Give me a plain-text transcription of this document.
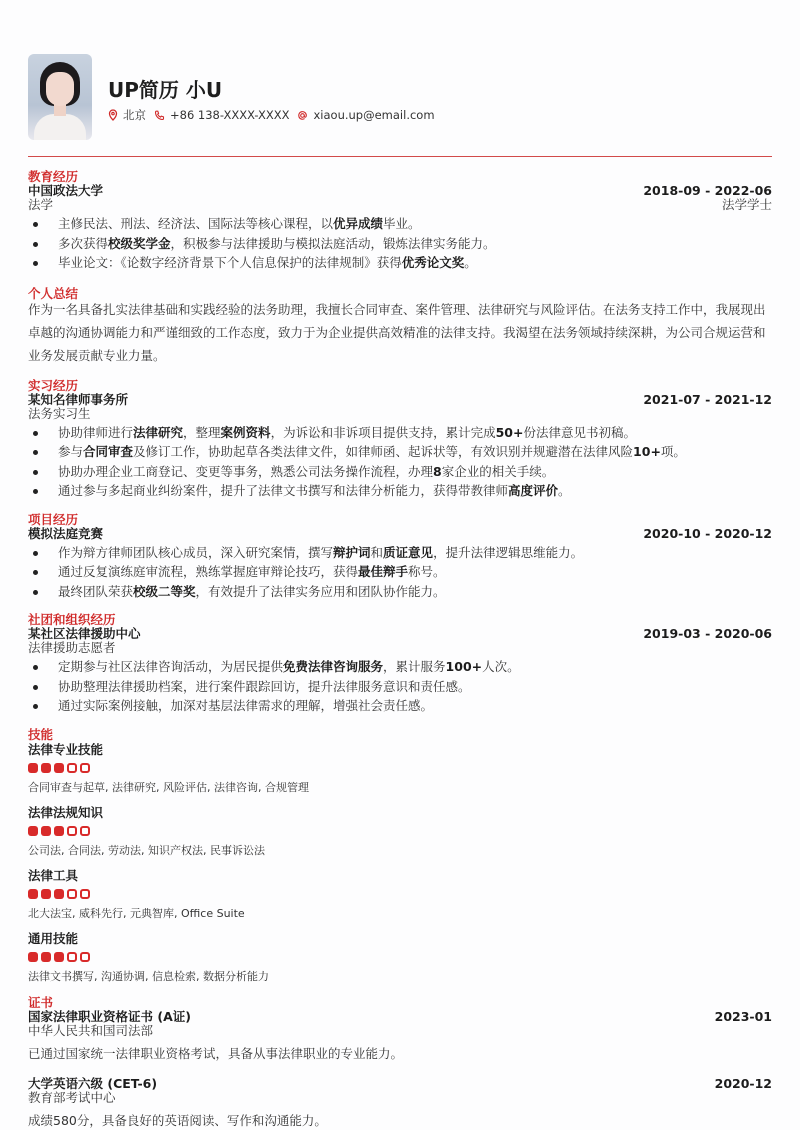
UP简历 小U
北京 +86 138-XXXX-XXXX xiaou.up@email.com
教育经历
中国政法大学	2018-09 - 2022-06
法学	法学学士
主修民法、刑法、经济法、国际法等核心课程，以优异成绩毕业。
多次获得校级奖学金，积极参与法律援助与模拟法庭活动，锻炼法律实务能力。
毕业论文：《论数字经济背景下个人信息保护的法律规制》获得优秀论文奖。
个人总结
作为一名具备扎实法律基础和实践经验的法务助理，我擅长合同审查、案件管理、法律研究与风险评估。在法务支持工作中，我展现出卓越的沟通协调能力和严谨细致的工作态度，致力于为企业提供高效精准的法律支持。我渴望在法务领域持续深耕，为公司合规运营和业务发展贡献专业力量。
实习经历
某知名律师事务所	2021-07 - 2021-12
法务实习生
协助律师进行法律研究，整理案例资料，为诉讼和非诉项目提供支持，累计完成50+份法律意见书初稿。
参与合同审查及修订工作，协助起草各类法律文件，如律师函、起诉状等，有效识别并规避潜在法律风险10+项。
协助办理企业工商登记、变更等事务，熟悉公司法务操作流程，办理8家企业的相关手续。
通过参与多起商业纠纷案件，提升了法律文书撰写和法律分析能力，获得带教律师高度评价。
项目经历
模拟法庭竞赛	2020-10 - 2020-12
作为辩方律师团队核心成员，深入研究案情，撰写辩护词和质证意见，提升法律逻辑思维能力。
通过反复演练庭审流程，熟练掌握庭审辩论技巧，获得最佳辩手称号。
最终团队荣获校级二等奖，有效提升了法律实务应用和团队协作能力。
社团和组织经历
某社区法律援助中心	2019-03 - 2020-06
法律援助志愿者
定期参与社区法律咨询活动，为居民提供免费法律咨询服务，累计服务100+人次。
协助整理法律援助档案，进行案件跟踪回访，提升法律服务意识和责任感。
通过实际案例接触，加深对基层法律需求的理解，增强社会责任感。
技能
法律专业技能
合同审查与起草, 法律研究, 风险评估, 法律咨询, 合规管理
法律法规知识
公司法, 合同法, 劳动法, 知识产权法, 民事诉讼法
法律工具
北大法宝, 威科先行, 元典智库, Office Suite
通用技能
法律文书撰写, 沟通协调, 信息检索, 数据分析能力
证书
国家法律职业资格证书 (A证)	2023-01
中华人民共和国司法部
已通过国家统一法律职业资格考试，具备从事法律职业的专业能力。
大学英语六级 (CET-6)	2020-12
教育部考试中心
成绩580分，具备良好的英语阅读、写作和沟通能力。
